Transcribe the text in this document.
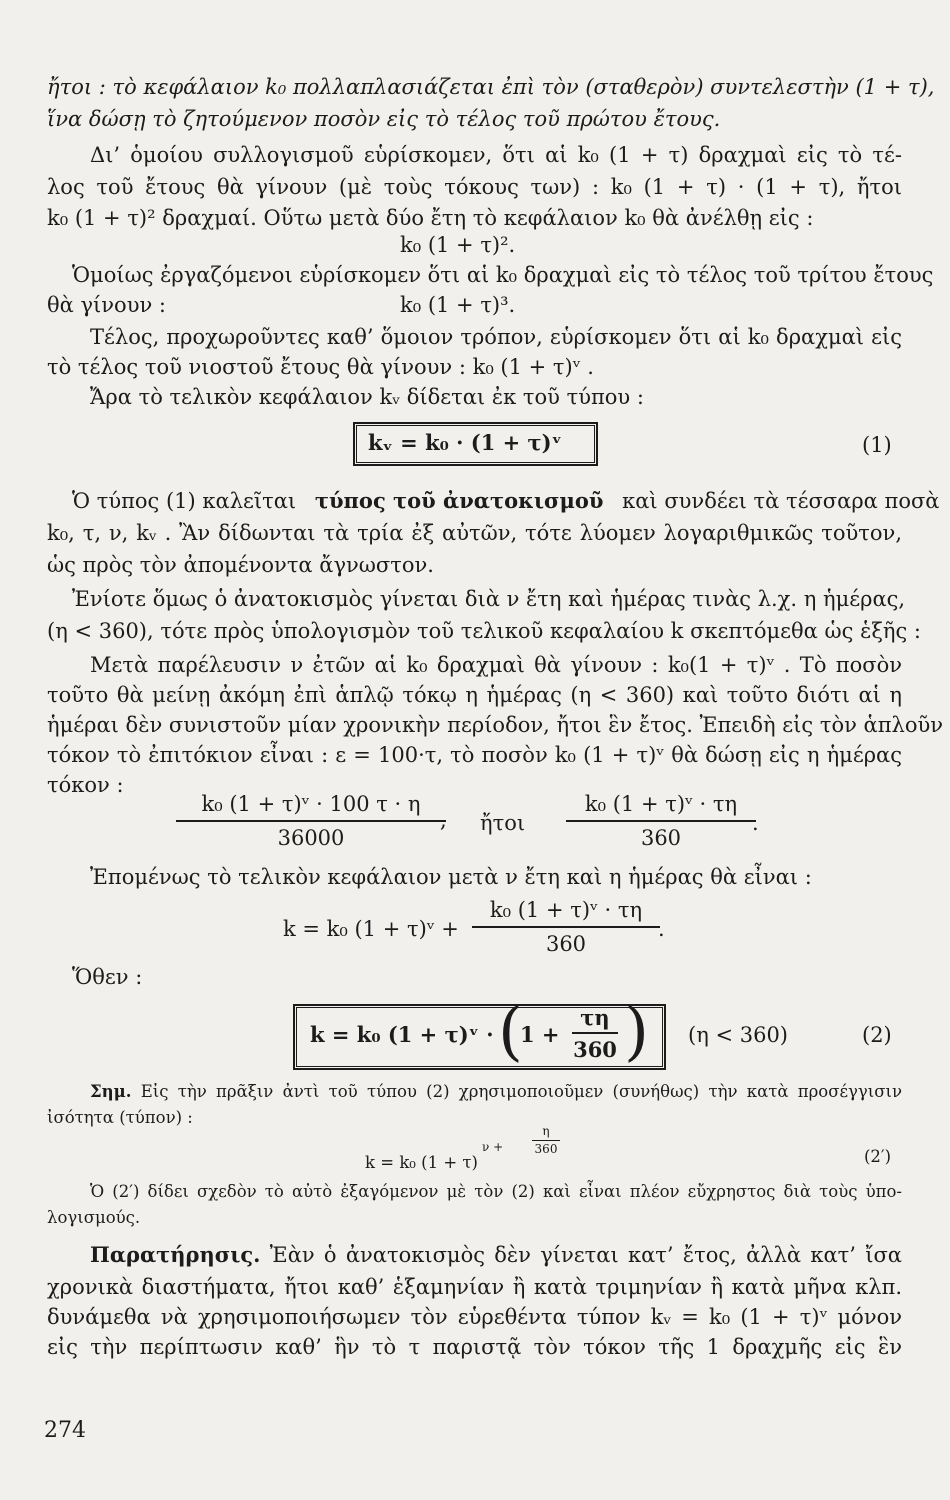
ἤτοι : τὸ κεφάλαιον k₀ πολλαπλασιάζεται ἐπὶ τὸν (σταθερὸν) συντελεστὴν (1 + τ),
ἵνα δώσῃ τὸ ζητούμενον ποσὸν εἰς τὸ τέλος τοῦ πρώτου ἔτους.
Δι’ ὁμοίου συλλογισμοῦ εὑρίσκομεν, ὅτι αἱ k₀ (1 + τ) δραχμαὶ εἰς τὸ τέ-
λος τοῦ ἔτους θὰ γίνουν (μὲ τοὺς τόκους των) : k₀ (1 + τ) · (1 + τ), ἤτοι
k₀ (1 + τ)² δραχμαί. Οὕτω μετὰ δύο ἔτη τὸ κεφάλαιον k₀ θὰ ἀνέλθῃ εἰς :
k₀ (1 + τ)².
Ὁμοίως ἐργαζόμενοι εὑρίσκομεν ὅτι αἱ k₀ δραχμαὶ εἰς τὸ τέλος τοῦ τρίτου ἔτους
θὰ γίνουν :	k₀ (1 + τ)³.
Τέλος, προχωροῦντες καθ’ ὅμοιον τρόπον, εὑρίσκομεν ὅτι αἱ k₀ δραχμαὶ εἰς
τὸ τέλος τοῦ νιοστοῦ ἔτους θὰ γίνουν : k₀ (1 + τ)ᵛ .
Ἄρα τὸ τελικὸν κεφάλαιον kᵥ δίδεται ἐκ τοῦ τύπου :
kᵥ = k₀ · (1 + τ)ᵛ	(1)
Ὁ τύπος (1) καλεῖται τύπος τοῦ ἀνατοκισμοῦ καὶ συνδέει τὰ τέσσαρα ποσὰ
k₀, τ, ν, kᵥ . Ἂν δίδωνται τὰ τρία ἐξ αὐτῶν, τότε λύομεν λογαριθμικῶς τοῦτον,
ὡς πρὸς τὸν ἀπομένοντα ἄγνωστον.
Ἐνίοτε ὅμως ὁ ἀνατοκισμὸς γίνεται διὰ ν ἔτη καὶ ἡμέρας τινὰς λ.χ. η ἡμέρας,
(η < 360), τότε πρὸς ὑπολογισμὸν τοῦ τελικοῦ κεφαλαίου k σκεπτόμεθα ὡς ἑξῆς :
Μετὰ παρέλευσιν ν ἐτῶν αἱ k₀ δραχμαὶ θὰ γίνουν : k₀(1 + τ)ᵛ . Τὸ ποσὸν
τοῦτο θὰ μείνῃ ἀκόμη ἐπὶ ἁπλῷ τόκῳ η ἡμέρας (η < 360) καὶ τοῦτο διότι αἱ η
ἡμέραι δὲν συνιστοῦν μίαν χρονικὴν περίοδον, ἤτοι ἓν ἔτος. Ἐπειδὴ εἰς τὸν ἁπλοῦν
τόκον τὸ ἐπιτόκιον εἶναι : ε = 100·τ, τὸ ποσὸν k₀ (1 + τ)ᵛ θὰ δώσῃ εἰς η ἡμέρας
τόκον :
k₀ (1 + τ)ᵛ · 100 τ · η
36000
, ἤτοι
k₀ (1 + τ)ᵛ · τη
360
.
Ἐπομένως τὸ τελικὸν κεφάλαιον μετὰ ν ἔτη καὶ η ἡμέρας θὰ εἶναι :
k = k₀ (1 + τ)ᵛ +
k₀ (1 + τ)ᵛ · τη
360
.
Ὅθεν :
k = k₀ (1 + τ)ᵛ · (
1 +
τη
360 ) (η < 360)	(2)
Σημ. Εἰς τὴν πρᾶξιν ἀντὶ τοῦ τύπου (2) χρησιμοποιοῦμεν (συνήθως) τὴν κατὰ προσέγγισιν
ἰσότητα (τύπον) :
k = k₀ (1 + τ)
ν +
η
360	(2′)
Ὁ (2′) δίδει σχεδὸν τὸ αὐτὸ ἐξαγόμενον μὲ τὸν (2) καὶ εἶναι πλέον εὔχρηστος διὰ τοὺς ὑπο-
λογισμούς.
Παρατήρησις. Ἐὰν ὁ ἀνατοκισμὸς δὲν γίνεται κατ’ ἔτος, ἀλλὰ κατ’ ἴσα
χρονικὰ διαστήματα, ἤτοι καθ’ ἑξαμηνίαν ἢ κατὰ τριμηνίαν ἢ κατὰ μῆνα κλπ.
δυνάμεθα νὰ χρησιμοποιήσωμεν τὸν εὑρεθέντα τύπον kᵥ = k₀ (1 + τ)ᵛ μόνον
εἰς τὴν περίπτωσιν καθ’ ἣν τὸ τ παριστᾷ τὸν τόκον τῆς 1 δραχμῆς εἰς ἓν
274
